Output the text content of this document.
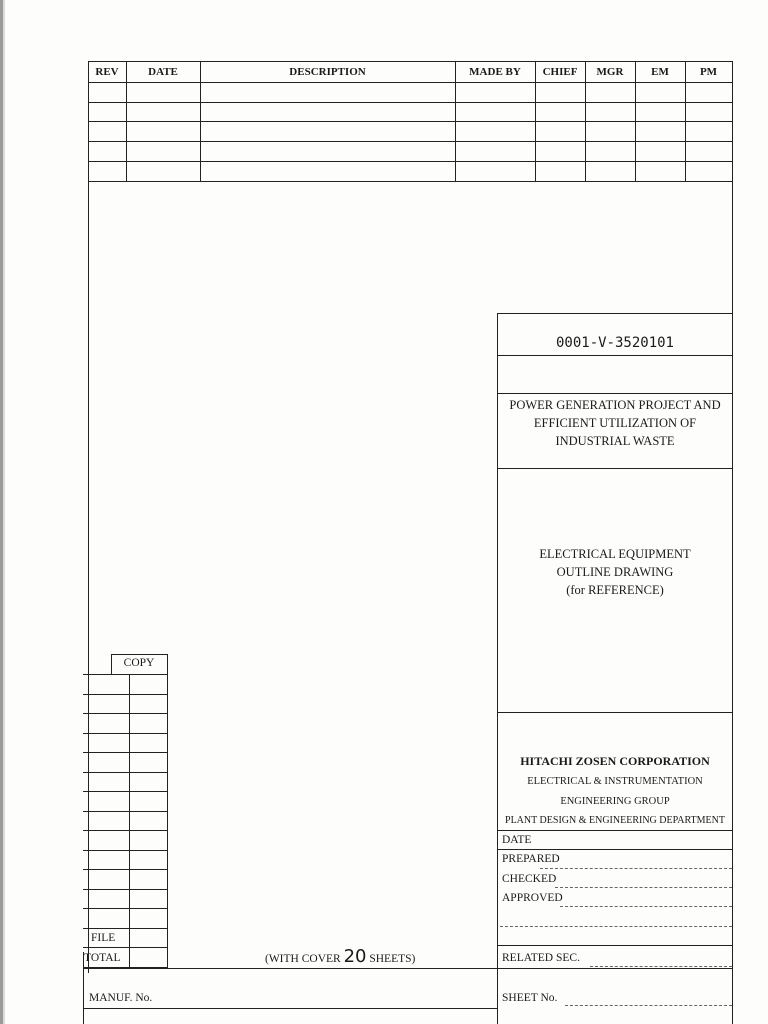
REV	DATE	DESCRIPTION	MADE BY	CHIEF	MGR	EM	PM
0001-V-3520101
POWER GENERATION PROJECT AND
EFFICIENT UTILIZATION OF
INDUSTRIAL WASTE
ELECTRICAL EQUIPMENT
OUTLINE DRAWING
(for REFERENCE)
HITACHI ZOSEN CORPORATION
ELECTRICAL & INSTRUMENTATION
ENGINEERING GROUP
PLANT DESIGN & ENGINEERING DEPARTMENT
DATE
PREPARED
CHECKED
APPROVED
RELATED SEC.
SHEET No.
COPY
FILE
TOTAL	(WITH COVER 20 SHEETS)
MANUF. No.
